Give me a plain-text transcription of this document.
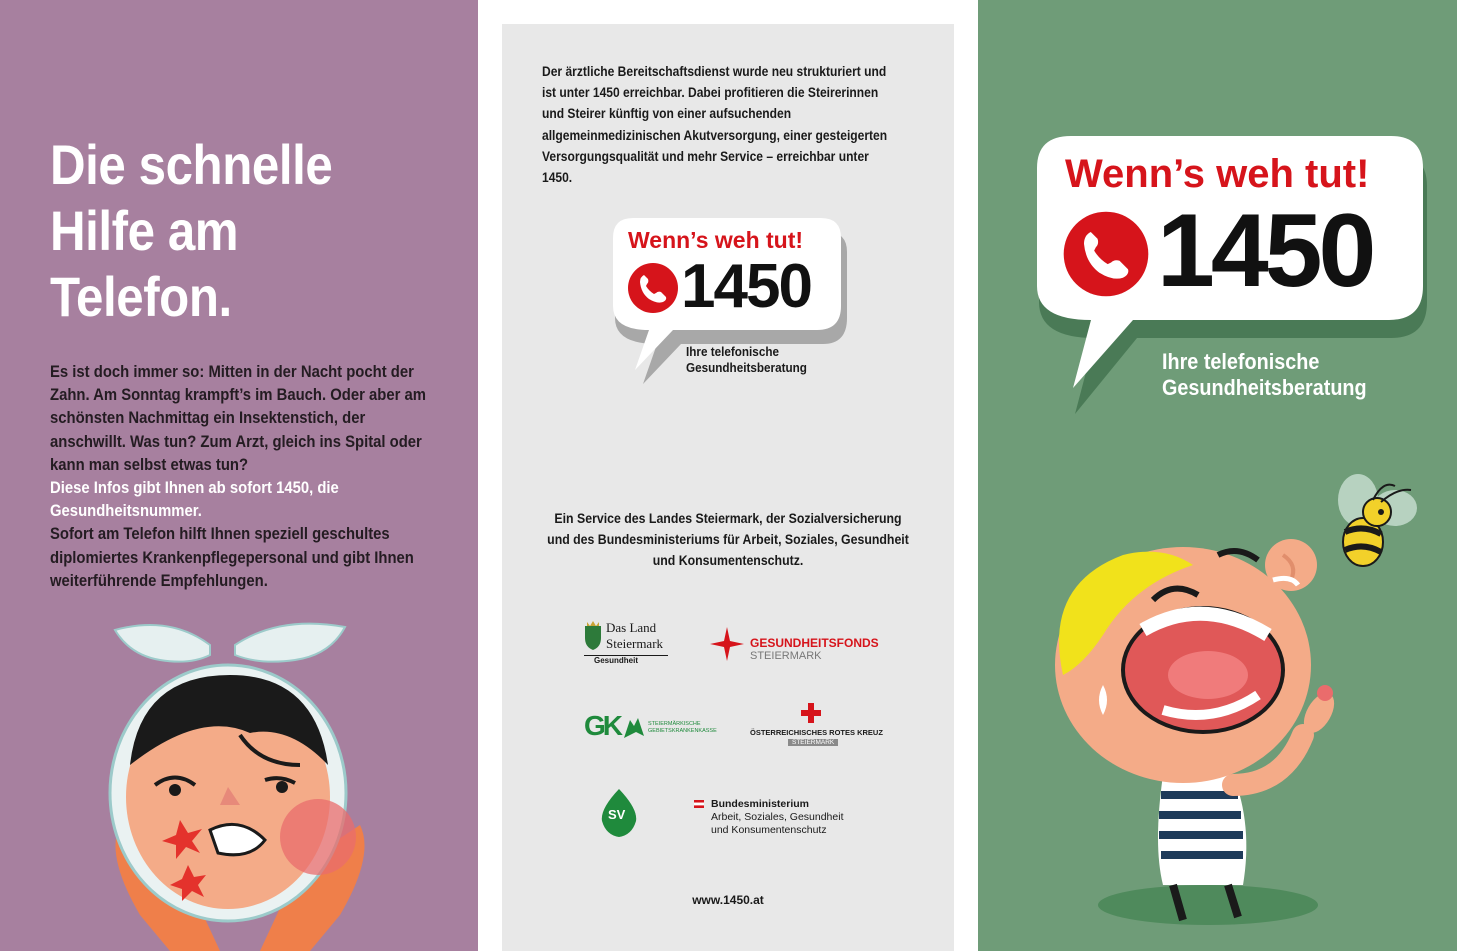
Die schnelle
Hilfe am
Telefon.
Es ist doch immer so: Mitten in der Nacht pocht der Zahn. Am Sonntag krampft’s im Bauch. Oder aber am schönsten Nachmittag ein Insektenstich, der anschwillt. Was tun? Zum Arzt, gleich ins Spital oder kann man selbst etwas tun?
Diese Infos gibt Ihnen ab sofort 1450, die Gesundheitsnummer.
Sofort am Telefon hilft Ihnen speziell geschultes diplomiertes Krankenpflegepersonal und gibt Ihnen weiterführende Empfehlungen.

Der ärztliche Bereitschaftsdienst wurde neu strukturiert und ist unter 1450 erreichbar. Dabei profitieren die Steirerinnen und Steirer künftig von einer aufsuchenden allgemeinmedizinischen Akutversorgung, einer gesteigerten Versorgungsqualität und mehr Service – erreichbar unter 1450.

Wenn’s weh tut!
1450
Ihre telefonische
Gesundheitsberatung

Ein Service des Landes Steiermark, der Sozialversicherung und des Bundesministeriums für Arbeit, Soziales, Gesundheit und Konsumentenschutz.

Das Land
Steiermark
Gesundheit
GESUNDHEITSFONDS
STEIERMARK
GK	STEIERMÄRKISCHE
GEBIETSKRANKENKASSE	ÖSTERREICHISCHES ROTES KREUZ
STEIERMARK
SV
Bundesministerium
Arbeit, Soziales, Gesundheit
und Konsumentenschutz
www.1450.at
Wenn’s weh tut!
1450
Ihre telefonische
Gesundheitsberatung
